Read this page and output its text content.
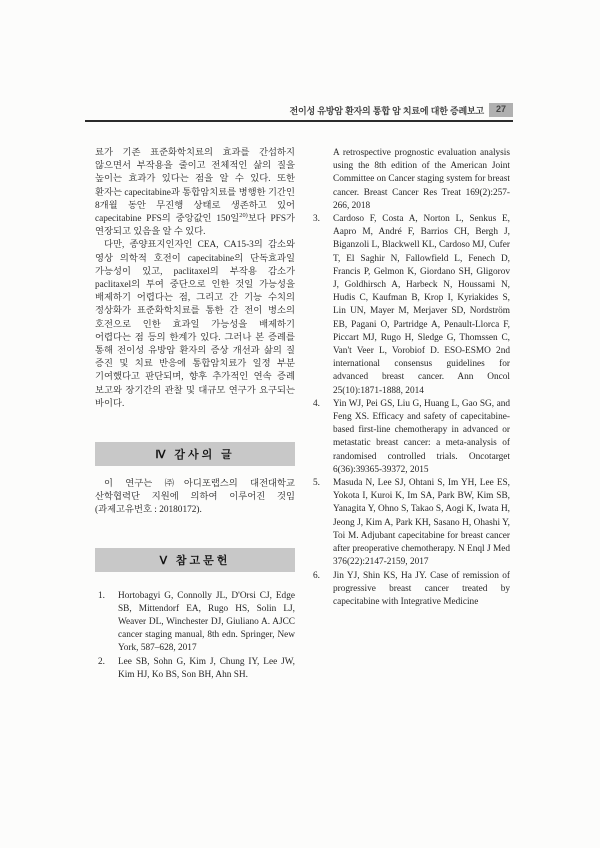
전이성 유방암 환자의 통합 암 치료에 대한 증례보고	27

료가 기존 표준화학치료의 효과를 간섭하지 않으면서 부작용을 줄이고 전체적인 삶의 질을 높이는 효과가 있다는 점을 알 수 있다. 또한 환자는 capecitabine과 통합암치료를 병행한 기간인 8개월 동안 무진행 상태로 생존하고 있어 capecitabine PFS의 중앙값인 150일$^{20)}$보다 PFS가 연장되고 있음을 알 수 있다.

다만, 종양표지인자인 CEA, CA15-3의 감소와 영상 의학적 호전이 capecitabine의 단독효과일 가능성이 있고, paclitaxel의 부작용 감소가 paclitaxel의 투여 중단으로 인한 것일 가능성을 배제하기 어렵다는 점, 그리고 간 기능 수치의 정상화가 표준화학치료를 통한 간 전이 병소의 호전으로 인한 효과일 가능성을 배제하기 어렵다는 점 등의 한계가 있다. 그러나 본 증례를 통해 전이성 유방암 환자의 증상 개선과 삶의 질 증진 및 치료 반응에 통합암치료가 일정 부분 기여했다고 판단되며, 향후 추가적인 연속 증례 보고와 장기간의 관찰 및 대규모 연구가 요구되는 바이다.

Ⅳ 감사의 글

이 연구는 ㈜아디포랩스의 대전대학교 산학협력단 지원에 의하여 이루어진 것임(과제고유번호 : 20180172).

Ⅴ 참고문헌
1. Hortobagyi G, Connolly JL, D'Orsi CJ, Edge SB, Mittendorf EA, Rugo HS, Solin LJ, Weaver DL, Winchester DJ, Giuliano A. AJCC cancer staging manual, 8th edn. Springer, New York, 587–628, 2017
2. Lee SB, Sohn G, Kim J, Chung IY, Lee JW, Kim HJ, Ko BS, Son BH, Ahn SH.
A retrospective prognostic evaluation analysis using the 8th edition of the American Joint Committee on Cancer staging system for breast cancer. Breast Cancer Res Treat 169(2):257-266, 2018
3. Cardoso F, Costa A, Norton L, Senkus E, Aapro M, André F, Barrios CH, Bergh J, Biganzoli L, Blackwell KL, Cardoso MJ, Cufer T, El Saghir N, Fallowfield L, Fenech D, Francis P, Gelmon K, Giordano SH, Gligorov J, Goldhirsch A, Harbeck N, Houssami N, Hudis C, Kaufman B, Krop I, Kyriakides S, Lin UN, Mayer M, Merjaver SD, Nordström EB, Pagani O, Partridge A, Penault-Llorca F, Piccart MJ, Rugo H, Sledge G, Thomssen C, Van't Veer L, Vorobiof D. ESO-ESMO 2nd international consensus guidelines for advanced breast cancer. Ann Oncol 25(10):1871-1888, 2014
4. Yin WJ, Pei GS, Liu G, Huang L, Gao SG, and Feng XS. Efficacy and safety of capecitabine-based first-line chemotherapy in advanced or metastatic breast cancer: a meta-analysis of randomised controlled trials. Oncotarget 6(36):39365-39372, 2015
5. Masuda N, Lee SJ, Ohtani S, Im YH, Lee ES, Yokota I, Kuroi K, Im SA, Park BW, Kim SB, Yanagita Y, Ohno S, Takao S, Aogi K, Iwata H, Jeong J, Kim A, Park KH, Sasano H, Ohashi Y, Toi M. Adjubant capecitabine for breast cancer after preoperative chemotherapy. N Enql J Med 376(22):2147-2159, 2017
6. Jin YJ, Shin KS, Ha JY. Case of remission of progressive breast cancer treated by capecitabine with Integrative Medicine
